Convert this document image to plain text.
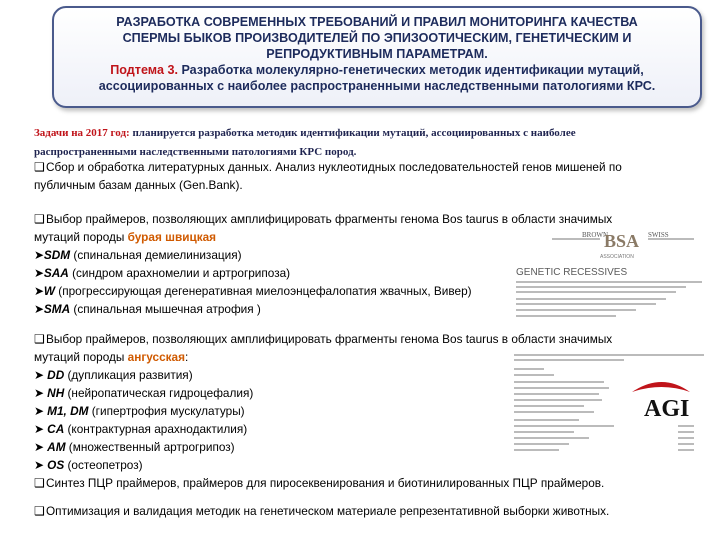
РАЗРАБОТКА СОВРЕМЕННЫХ ТРЕБОВАНИЙ И ПРАВИЛ МОНИТОРИНГА КАЧЕСТВА
СПЕРМЫ БЫКОВ ПРОИЗВОДИТЕЛЕЙ ПО ЭПИЗООТИЧЕСКИМ, ГЕНЕТИЧЕСКИМ И
РЕПРОДУКТИВНЫМ ПАРАМЕТРАМ.
Подтема 3. Разработка молекулярно-генетических методик идентификации мутаций,
ассоциированных с наиболее распространенными наследственными патологиями КРС.
Задачи на 2017 год: планируется разработка методик идентификации мутаций, ассоциированных с наиболее
распространенными наследственными патологиями КРС пород.
❑Сбор и обработка литературных данных. Анализ нуклеотидных последовательностей генов мишеней по
публичным базам данных (Gen.Bank).
❑Выбор праймеров, позволяющих амплифицировать фрагменты генома Bos taurus в области значимых
мутаций породы бурая швицкая
➤SDM (спинальная демиелинизация)
➤SAA (синдром арахномелии и артрогрипоза)
➤W (прогрессирующая дегенеративная миелоэнцефалопатия жвачных, Вивер)
➤SMA (спинальная мышечная атрофия )
❑Выбор праймеров, позволяющих амплифицировать фрагменты генома Bos taurus в области значимых
мутаций породы ангусская:
➤ DD (дупликация развития)
➤ NH (нейропатическая гидроцефалия)
➤ M1, DM (гипертрофия мускулатуры)
➤ CA (контрактурная арахнодактилия)
➤ AM (множественный артрогрипоз)
➤ OS (остеопетроз)
❑Синтез ПЦР праймеров, праймеров для пиросеквенирования и биотинилированных ПЦР праймеров.
❑Оптимизация и валидация методик на генетическом материале репрезентативной выборки животных.
BROWN
BSA SWISS
ASSOCIATION
GENETIC RECESSIVES
AGI
